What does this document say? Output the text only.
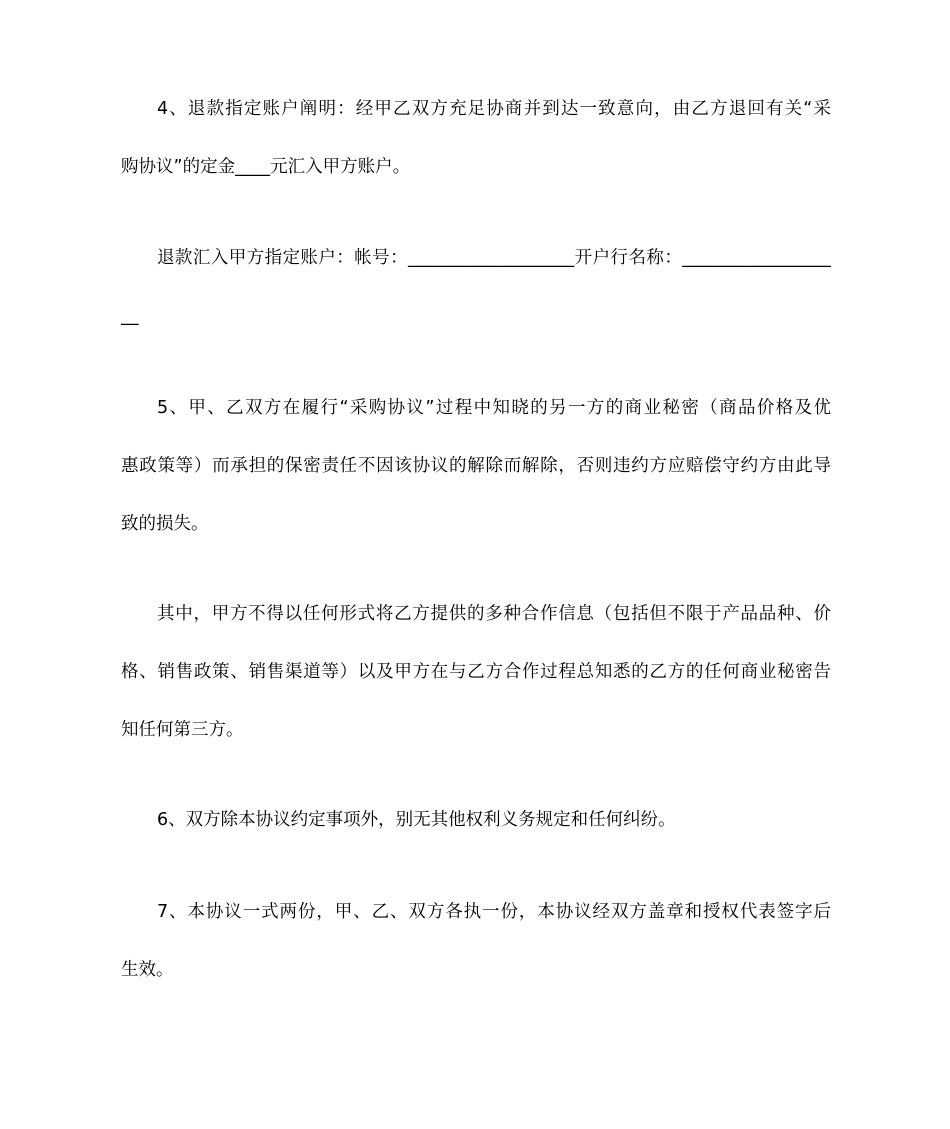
4、退款指定账户阐明：经甲乙双方充足协商并到达一致意向，由乙方退回有关“采
购协议”的定金____元汇入甲方账户。
退款汇入甲方指定账户：帐号：___________________开户行名称：_________________
__
5、甲、乙双方在履行“采购协议”过程中知晓的另一方的商业秘密（商品价格及优
惠政策等）而承担的保密责任不因该协议的解除而解除，否则违约方应赔偿守约方由此导
致的损失。
其中，甲方不得以任何形式将乙方提供的多种合作信息（包括但不限于产品品种、价
格、销售政策、销售渠道等）以及甲方在与乙方合作过程总知悉的乙方的任何商业秘密告
知任何第三方。
6、双方除本协议约定事项外，别无其他权利义务规定和任何纠纷。
7、本协议一式两份，甲、乙、双方各执一份，本协议经双方盖章和授权代表签字后
生效。
